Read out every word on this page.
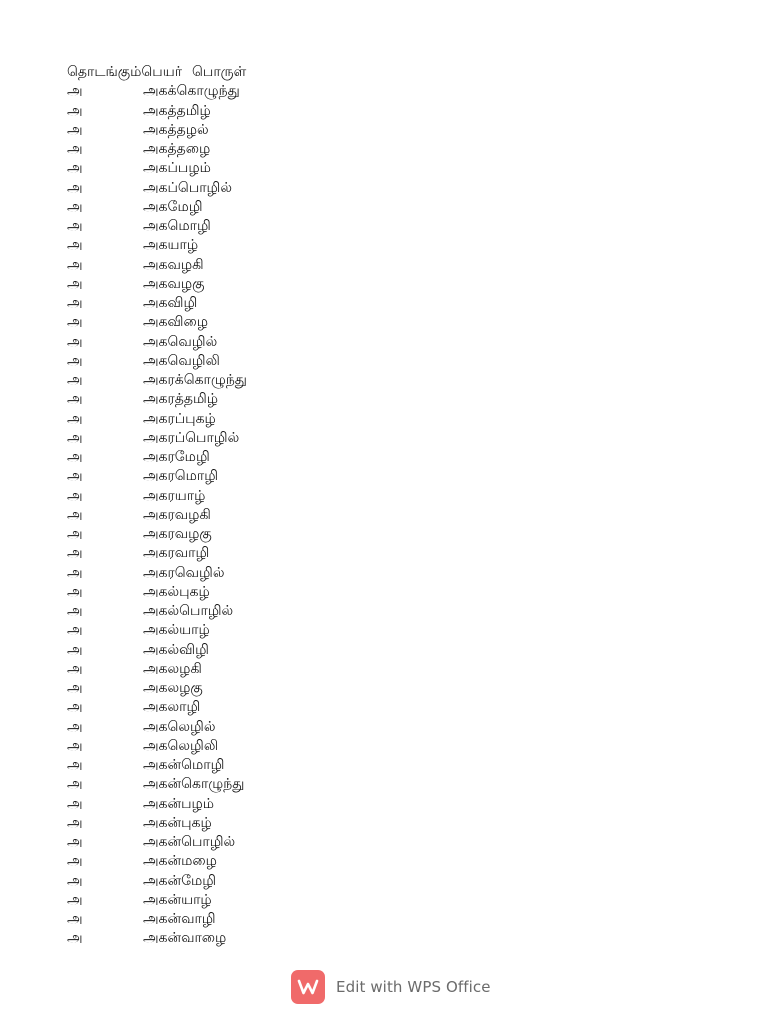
தொடங்கும்பெயர் பொருள்
அ	அகக்கொழுந்து
அ	அகத்தமிழ்
அ	அகத்தழல்
அ	அகத்தழை
அ	அகப்பழம்
அ	அகப்பொழில்
அ	அகமேழி
அ	அகமொழி
அ	அகயாழ்
அ	அகவழகி
அ	அகவழகு
அ	அகவிழி
அ	அகவிழை
அ	அகவெழில்
அ	அகவெழிலி
அ	அகரக்கொழுந்து
அ	அகரத்தமிழ்
அ	அகரப்புகழ்
அ	அகரப்பொழில்
அ	அகரமேழி
அ	அகரமொழி
அ	அகரயாழ்
அ	அகரவழகி
அ	அகரவழகு
அ	அகரவாழி
அ	அகரவெழில்
அ	அகல்புகழ்
அ	அகல்பொழில்
அ	அகல்யாழ்
அ	அகல்விழி
அ	அகலழகி
அ	அகலழகு
அ	அகலாழி
அ	அகலெழில்
அ	அகலெழிலி
அ	அகன்மொழி
அ	அகன்கொழுந்து
அ	அகன்பழம்
அ	அகன்புகழ்
அ	அகன்பொழில்
அ	அகன்மழை
அ	அகன்மேழி
அ	அகன்யாழ்
அ	அகன்வாழி
அ	அகன்வாழை
Edit with WPS Office
